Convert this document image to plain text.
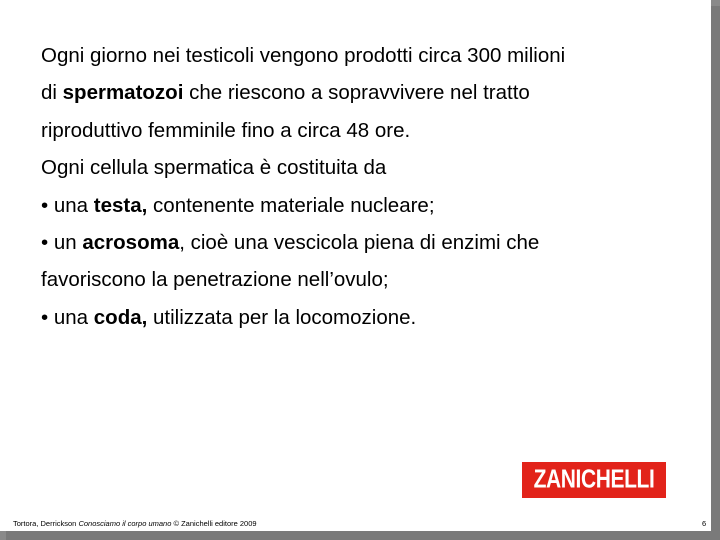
Ogni giorno nei testicoli vengono prodotti circa 300 milioni

di spermatozoi che riescono a sopravvivere nel tratto

riproduttivo femminile fino a circa 48 ore.

Ogni cellula spermatica è costituita da

• una testa, contenente materiale nucleare;

• un acrosoma, cioè una vescicola piena di enzimi che

favoriscono la penetrazione nell’ovulo;

• una coda, utilizzata per la locomozione.

ZANICHELLI
Tortora, Derrickson Conosciamo il corpo umano © Zanichelli editore 2009	6
